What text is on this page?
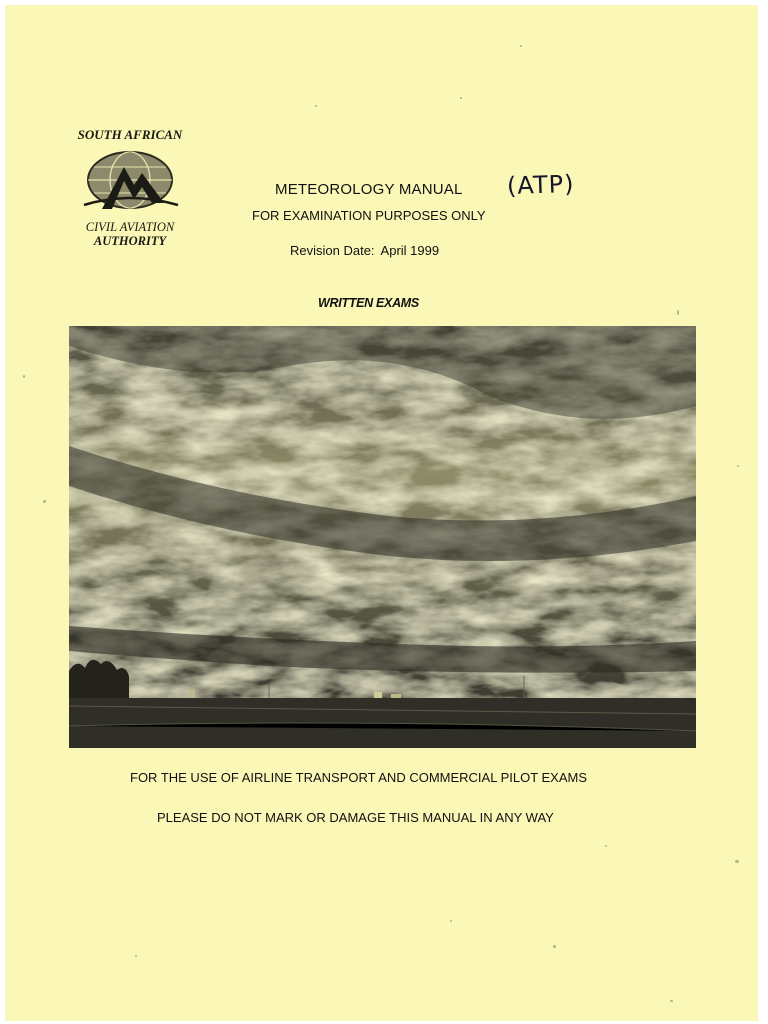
SOUTH AFRICAN
CIVIL AVIATION
AUTHORITY
METEOROLOGY MANUAL (ATP)
FOR EXAMINATION PURPOSES ONLY
Revision Date: April 1999
WRITTEN EXAMS
FOR THE USE OF AIRLINE TRANSPORT AND COMMERCIAL PILOT EXAMS
PLEASE DO NOT MARK OR DAMAGE THIS MANUAL IN ANY WAY
